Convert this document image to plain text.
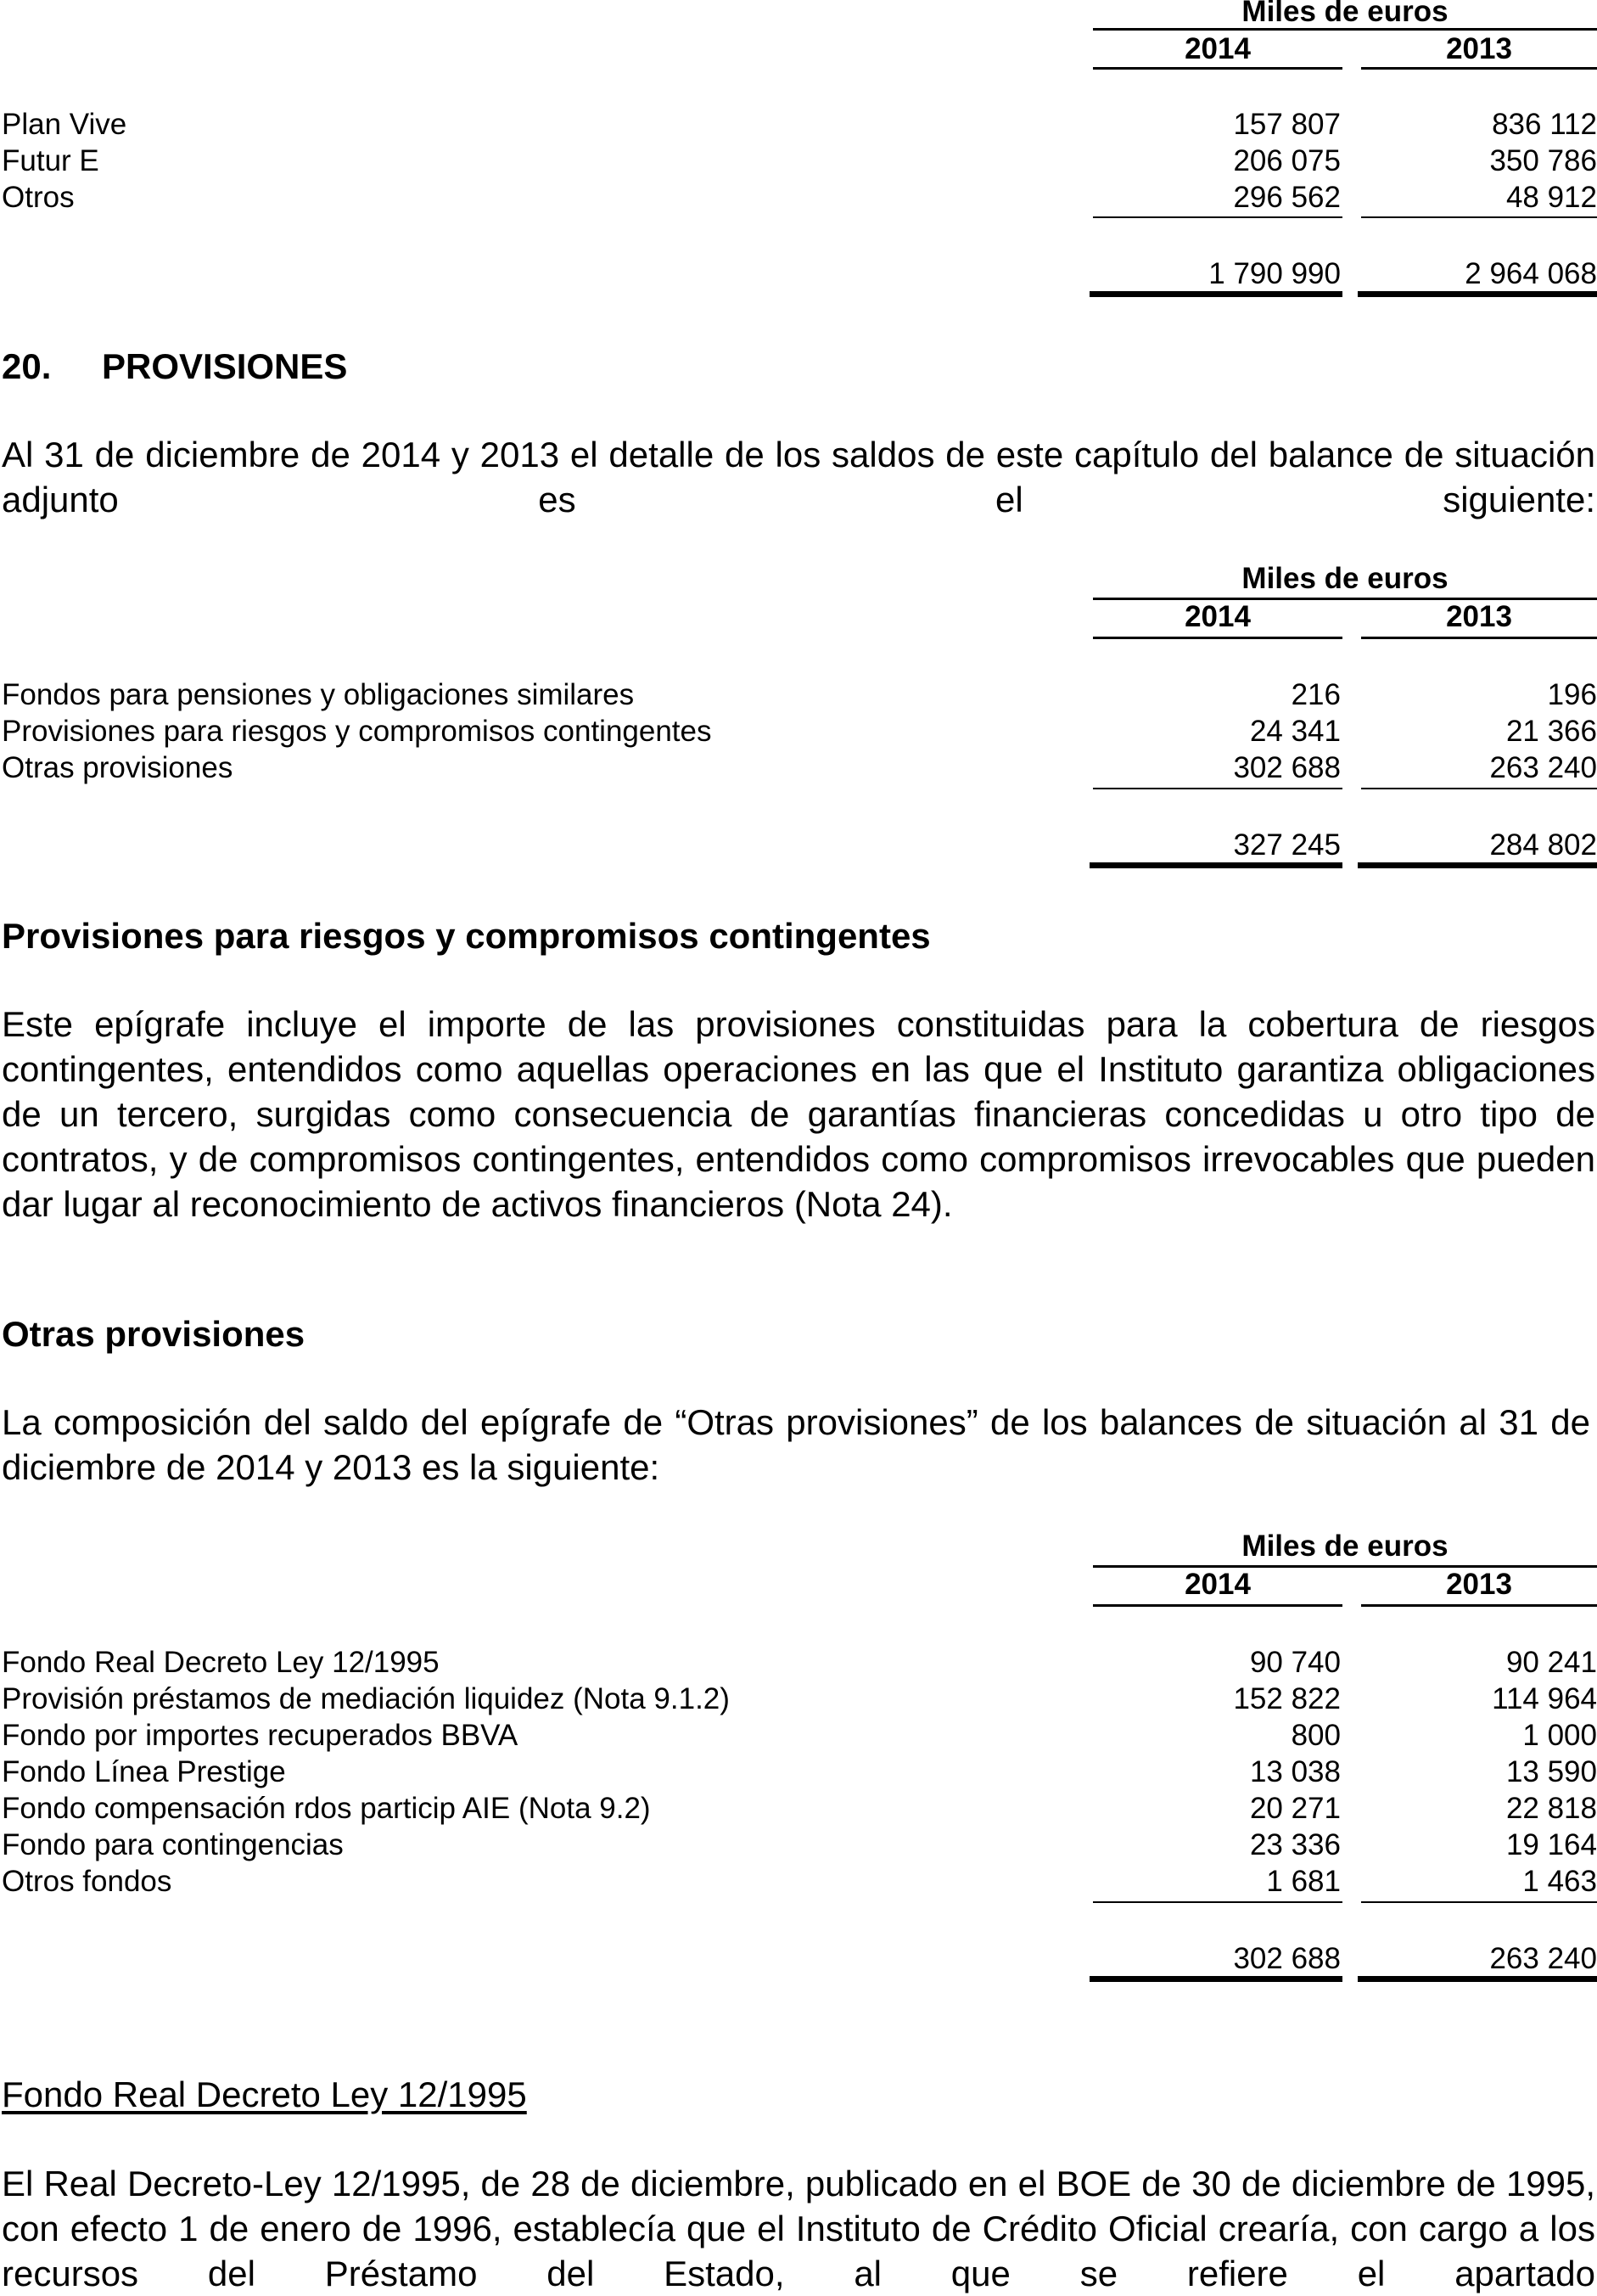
Miles de euros
2014	2013
Plan Vive	157 807	836 112
Futur E	206 075	350 786
Otros	296 562	48 912
1 790 990	2 964 068
20. PROVISIONES
Al 31 de diciembre de 2014 y 2013 el detalle de los saldos de este capítulo del balance de situación adjunto es el siguiente:
Miles de euros
2014	2013
Fondos para pensiones y obligaciones similares	216	196
Provisiones para riesgos y compromisos contingentes	24 341	21 366
Otras provisiones	302 688	263 240
327 245	284 802
Provisiones para riesgos y compromisos contingentes
Este epígrafe incluye el importe de las provisiones constituidas para la cobertura de riesgos contingentes, entendidos como aquellas operaciones en las que el Instituto garantiza obligaciones de un tercero, surgidas como consecuencia de garantías financieras concedidas u otro tipo de contratos, y de compromisos contingentes, entendidos como compromisos irrevocables que pueden dar lugar al reconocimiento de activos financieros (Nota 24).
Otras provisiones
La composición del saldo del epígrafe de “Otras provisiones” de los balances de situación al 31 de diciembre de 2014 y 2013 es la siguiente:
Miles de euros
2014	2013
Fondo Real Decreto Ley 12/1995	90 740	90 241
Provisión préstamos de mediación liquidez (Nota 9.1.2)	152 822	114 964
Fondo por importes recuperados BBVA	800	1 000
Fondo Línea Prestige	13 038	13 590
Fondo compensación rdos particip AIE (Nota 9.2)	20 271	22 818
Fondo para contingencias	23 336	19 164
Otros fondos	1 681	1 463
302 688	263 240
Fondo Real Decreto Ley 12/1995
El Real Decreto-Ley 12/1995, de 28 de diciembre, publicado en el BOE de 30 de diciembre de 1995, con efecto 1 de enero de 1996, establecía que el Instituto de Crédito Oficial crearía, con cargo a los recursos del Préstamo del Estado, al que se refiere el apartado
